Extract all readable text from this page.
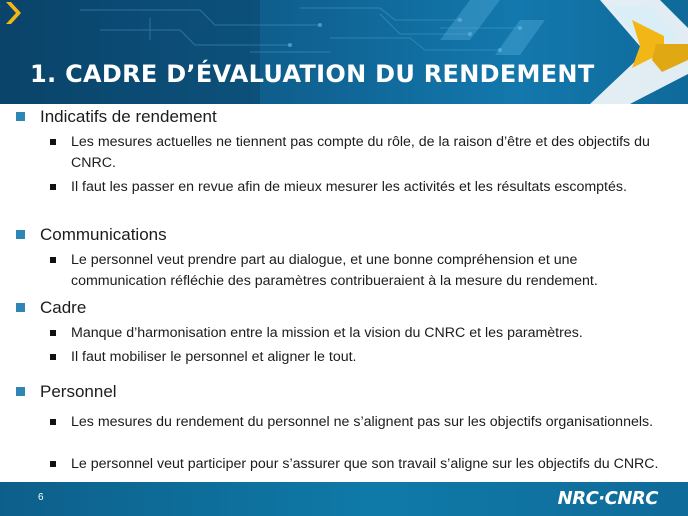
1. CADRE D’ÉVALUATION DU RENDEMENT
Indicatifs de rendement
Les mesures actuelles ne tiennent pas compte du rôle, de la raison d’être et des objectifs du CNRC.
Il faut les passer en revue afin de mieux mesurer les activités et les résultats escomptés.
Communications
Le personnel veut prendre part au dialogue, et une bonne compréhension et une communication réfléchie des paramètres contribueraient à la mesure du rendement.
Cadre
Manque d’harmonisation entre la mission et la vision du CNRC et les paramètres.
Il faut mobiliser le personnel et aligner le tout.
Personnel
Les mesures du rendement du personnel ne s’alignent pas sur les objectifs organisationnels.
Le personnel veut participer pour s’assurer que son travail s’aligne sur les objectifs du CNRC.
6	NRC·CNRC
